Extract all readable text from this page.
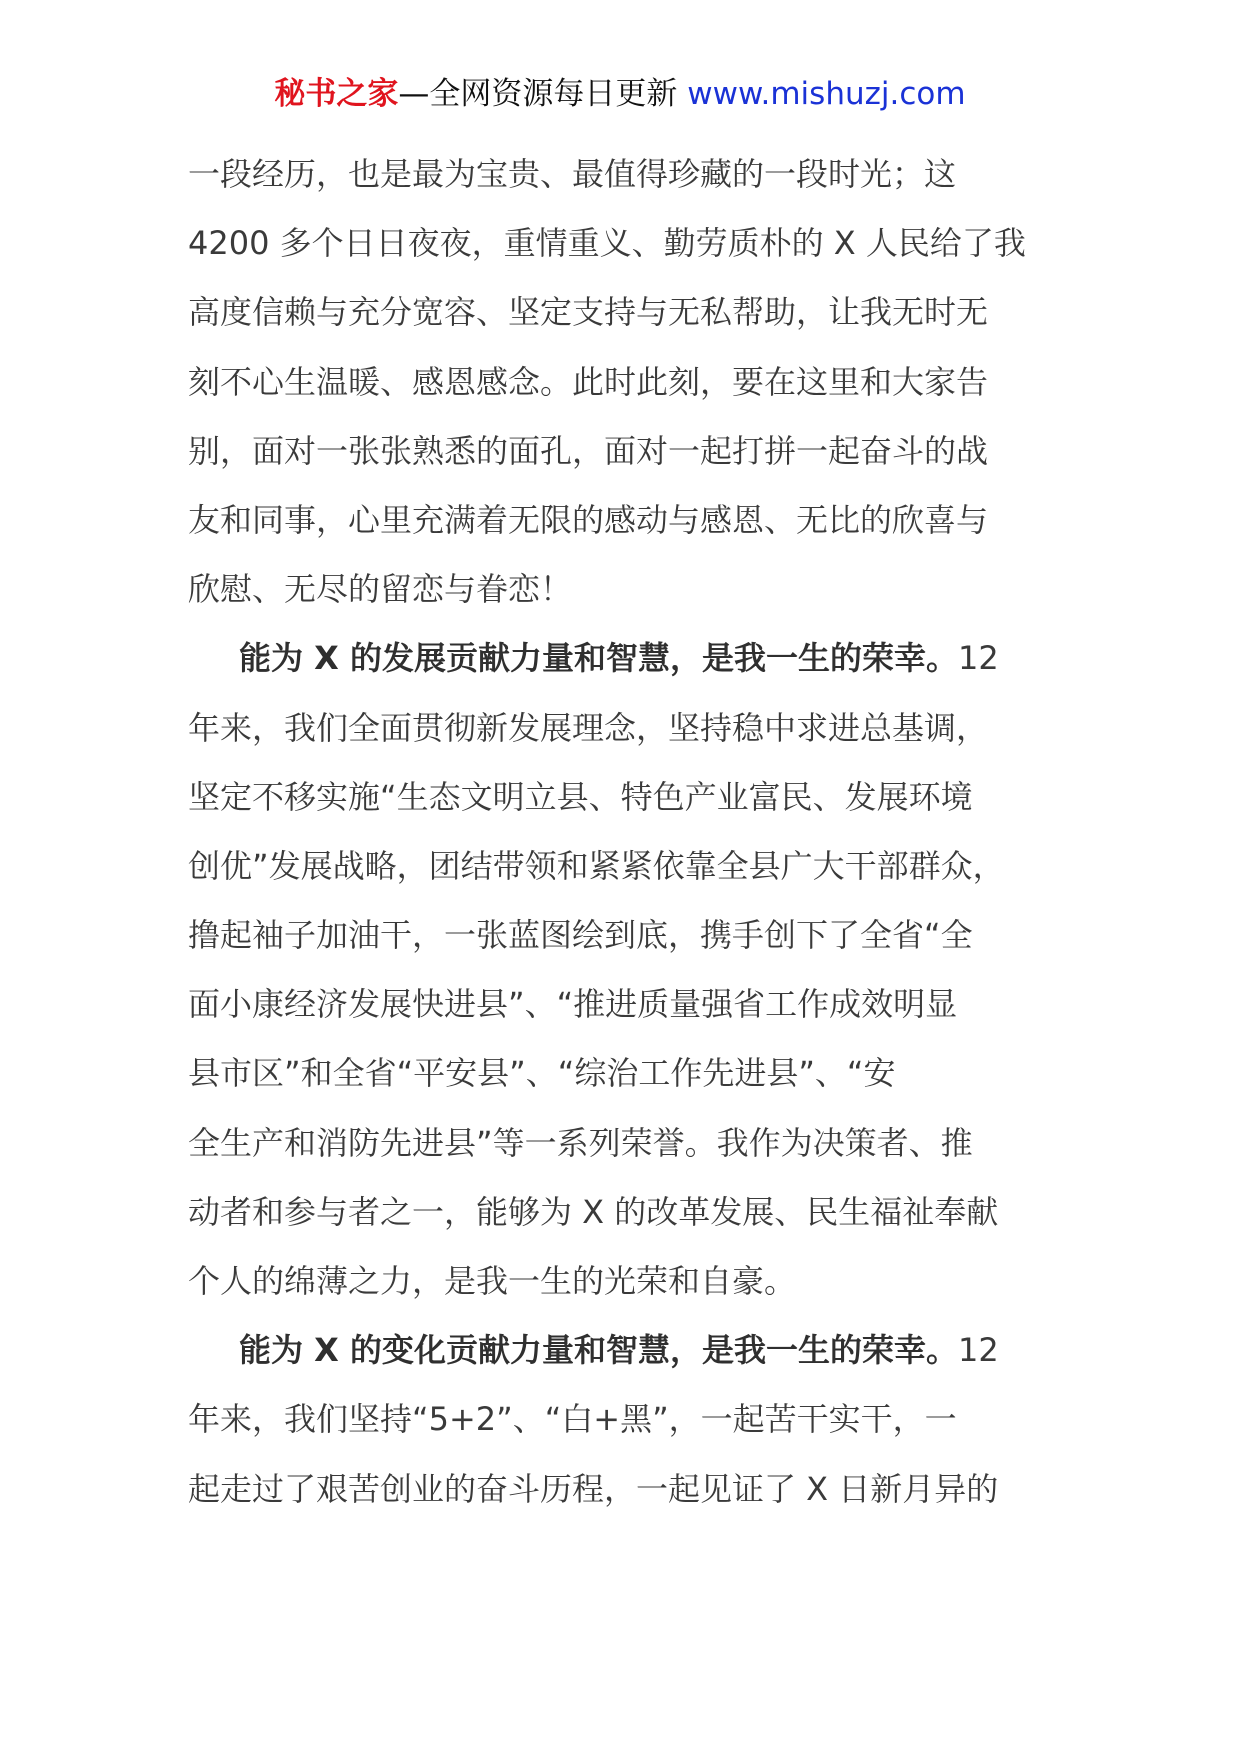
秘书之家—全网资源每日更新 www.mishuzj.com
一段经历，也是最为宝贵、最值得珍藏的一段时光；这
4200 多个日日夜夜，重情重义、勤劳质朴的 X 人民给了我
高度信赖与充分宽容、坚定支持与无私帮助，让我无时无
刻不心生温暖、感恩感念。此时此刻，要在这里和大家告
别，面对一张张熟悉的面孔，面对一起打拼一起奋斗的战
友和同事，心里充满着无限的感动与感恩、无比的欣喜与
欣慰、无尽的留恋与眷恋！
能为 X 的发展贡献力量和智慧，是我一生的荣幸。12
年来，我们全面贯彻新发展理念，坚持稳中求进总基调，
坚定不移实施“生态文明立县、特色产业富民、发展环境
创优”发展战略，团结带领和紧紧依靠全县广大干部群众，
撸起袖子加油干，一张蓝图绘到底，携手创下了全省“全
面小康经济发展快进县”、“推进质量强省工作成效明显
县市区”和全省“平安县”、“综治工作先进县”、“安
全生产和消防先进县”等一系列荣誉。我作为决策者、推
动者和参与者之一，能够为 X 的改革发展、民生福祉奉献
个人的绵薄之力，是我一生的光荣和自豪。
能为 X 的变化贡献力量和智慧，是我一生的荣幸。12
年来，我们坚持“5+2”、“白+黑”，一起苦干实干，一
起走过了艰苦创业的奋斗历程，一起见证了 X 日新月异的
